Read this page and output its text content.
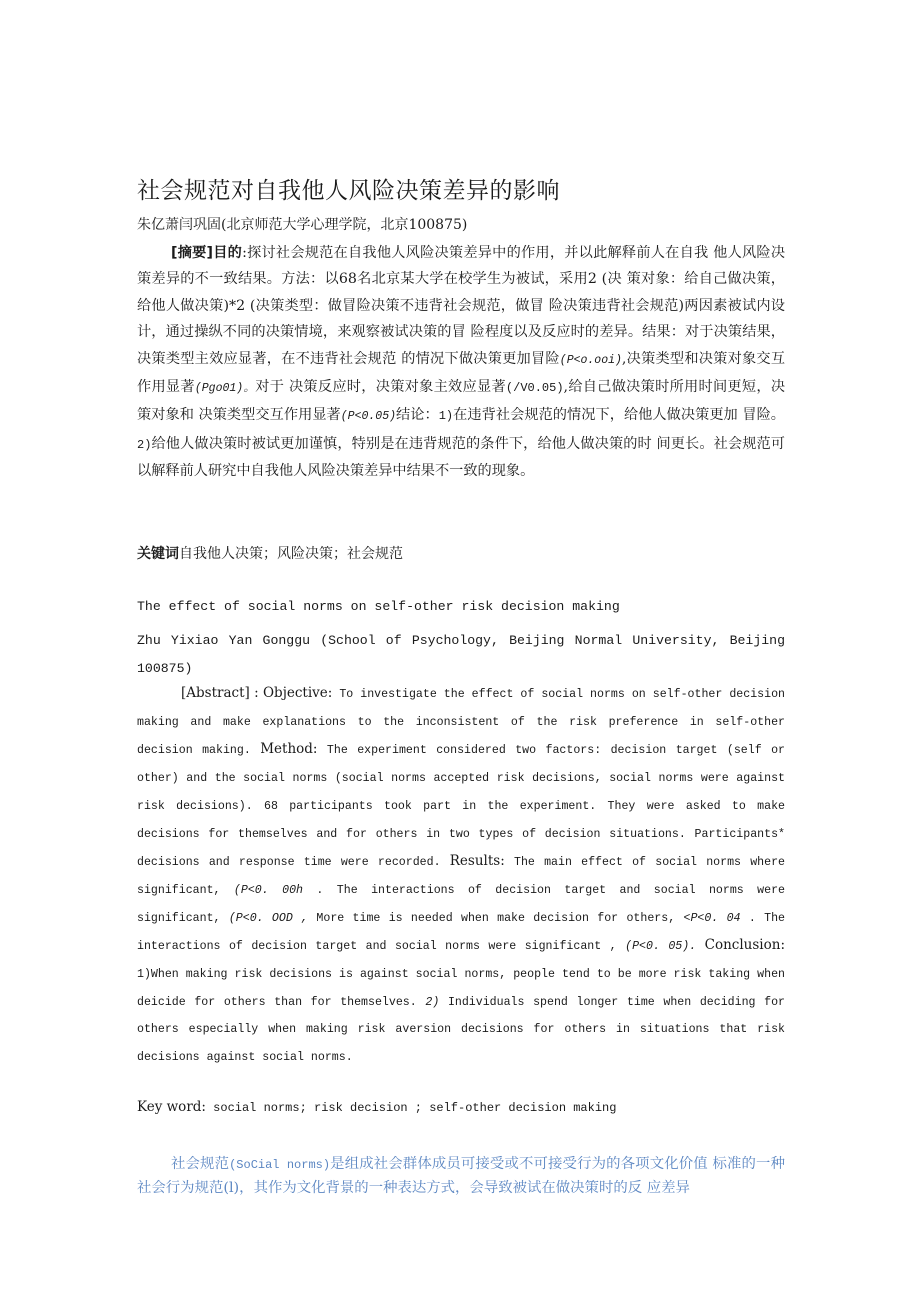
社会规范对自我他人风险决策差异的影响
朱亿萧闫巩固(北京师范大学心理学院，北京100875)
[摘要]目的:探讨社会规范在自我他人风险决策差异中的作用，并以此解释前人在自我 他人风险决策差异的不一致结果。方法：以68名北京某大学在校学生为被试，采用2 (决 策对象：给自己做决策，给他人做决策)*2 (决策类型：做冒险决策不违背社会规范，做冒 险决策违背社会规范)两因素被试内设计，通过操纵不同的决策情境，来观察被试决策的冒 险程度以及反应时的差异。结果：对于决策结果，决策类型主效应显著，在不违背社会规范 的情况下做决策更加冒险(P<o.ooi),决策类型和决策对象交互作用显著(Pgo01)。对于 决策反应时，决策对象主效应显著(/V0.05),给自己做决策时所用时间更短，决策对象和 决策类型交互作用显著(P<0.05)结论：1)在违背社会规范的情况下，给他人做决策更加 冒险。2)给他人做决策时被试更加谨慎，特别是在违背规范的条件下，给他人做决策的时 间更长。社会规范可以解释前人研究中自我他人风险决策差异中结果不一致的现象。
关键词自我他人决策；风险决策；社会规范
The effect of social norms on self-other risk decision making
Zhu Yixiao Yan Gonggu (School of Psychology, Beijing Normal University, Beijing 100875)
[Abstract] : Objective: To investigate the effect of social norms on self-other decision making and make explanations to the inconsistent of the risk preference in self-other decision making. Method: The experiment considered two factors: decision target (self or other) and the social norms (social norms accepted risk decisions, social norms were against risk decisions). 68 participants took part in the experiment. They were asked to make decisions for themselves and for others in two types of decision situations. Participants* decisions and response time were recorded. Results: The main effect of social norms where significant, (P<0. 00h . The interactions of decision target and social norms were significant, (P<0. OOD , More time is needed when make decision for others, <P<0. 04 . The interactions of decision target and social norms were significant , (P<0. 05). Conclusion: 1)When making risk decisions is against social norms, people tend to be more risk taking when deicide for others than for themselves. 2) Individuals spend longer time when deciding for others especially when making risk aversion decisions for others in situations that risk decisions against social norms.
Key word: social norms; risk decision ; self-other decision making
社会规范(SoCial norms)是组成社会群体成员可接受或不可接受行为的各项文化价值 标准的一种社会行为规范(l)，其作为文化背景的一种表达方式，会导致被试在做决策时的反 应差异
